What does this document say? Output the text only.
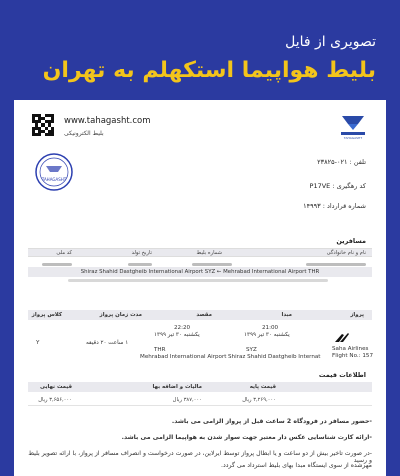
تصویری از فایل
بلیط هواپیما استکهلم به تهران
www.tahagasht.com
بلیط الکترونیکی
TAHAGASHT
TAHAGASHT
تلفن : ۰۲۱-۲۳۸۲۵
کد رهگیری : P17VE
شماره قرارداد : ۱۴۹۹۳
مسافرین
نام و نام خانوادگی
شماره بلیط
تاریخ تولد
کد ملی
Shiraz Shahid Dastgheib International Airport SYZ ← Mehrabad International Airport THR
پرواز
مبدا
مقصد
مدت زمان پرواز
کلاس پرواز
Saha Airlines
Flight No.: 157
21:00
یکشنبه ۳۰ تیر ۱۳۹۹
SYZ
Shiraz Shahid Dastgheib Internat
22:20
یکشنبه ۳۰ تیر ۱۳۹۹
THR
Mehrabad International Airport
۱ ساعت ۲۰ دقیقه
Y
اطلاعات قیمت
قیمت پایه
مالیات و اضافه بها
قیمت نهایی
۳,۲۶۹,۰۰۰ ریال
۳۸۷,۰۰۰ ریال
۳,۶۵۶,۰۰۰ ریال
-حضور مسافر در فرودگاه 2 ساعت قبل از پرواز الزامی می باشد.
-ارائه کارت شناسایی عکس دار معتبر جهت سوار شدن به هواپیما الزامی می باشد.
-در صورت تاخیر بیش از دو ساعت و یا ابطال پرواز توسط ایرلاین، در صورت درخواست و انصراف مسافر از پرواز، با ارائه تصویر بلیط و رسید
مهرشده از سوی ایستگاه مبدا بهای بلیط استرداد می گردد.
